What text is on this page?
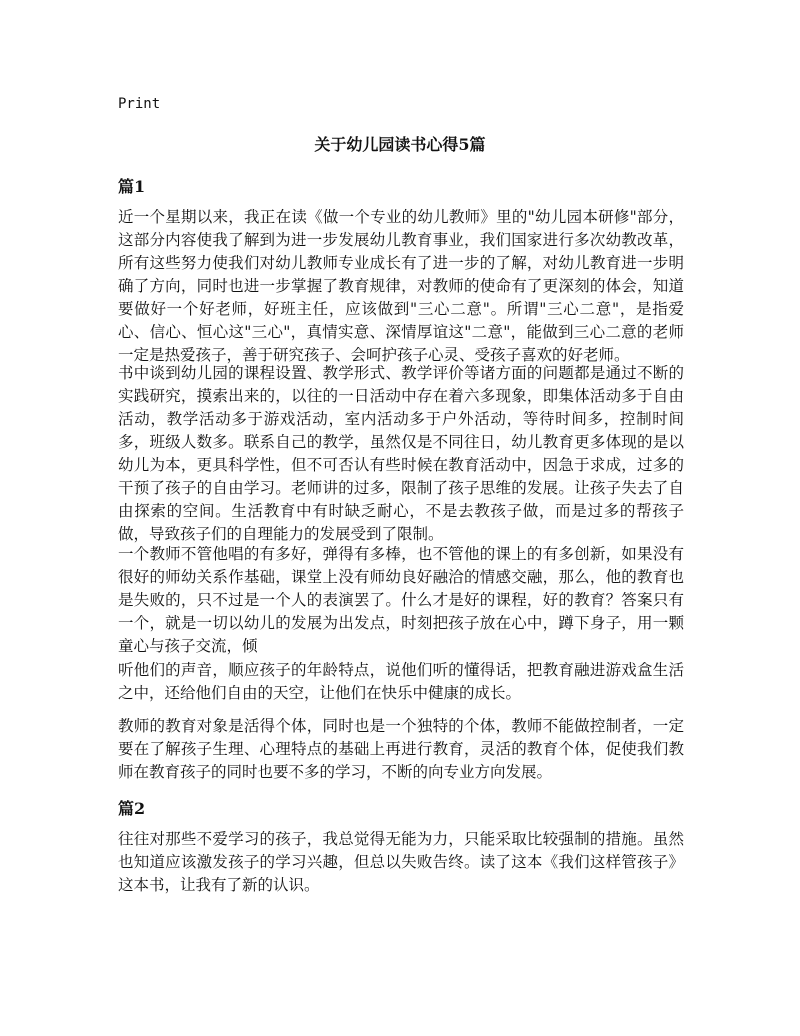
Print
关于幼儿园读书心得5篇
篇1

近一个星期以来，我正在读《做一个专业的幼儿教师》里的"幼儿园本研修"部分，这部分内容使我了解到为进一步发展幼儿教育事业，我们国家进行多次幼教改革，所有这些努力使我们对幼儿教师专业成长有了进一步的了解，对幼儿教育进一步明确了方向，同时也进一步掌握了教育规律，对教师的使命有了更深刻的体会，知道要做好一个好老师，好班主任，应该做到"三心二意"。所谓"三心二意"，是指爱心、信心、恒心这"三心"，真情实意、深情厚谊这"二意"，能做到三心二意的老师一定是热爱孩子，善于研究孩子、会呵护孩子心灵、受孩子喜欢的好老师。

书中谈到幼儿园的课程设置、教学形式、教学评价等诸方面的问题都是通过不断的实践研究，摸索出来的，以往的一日活动中存在着六多现象，即集体活动多于自由活动，教学活动多于游戏活动，室内活动多于户外活动，等待时间多，控制时间多，班级人数多。联系自己的教学，虽然仅是不同往日，幼儿教育更多体现的是以幼儿为本，更具科学性，但不可否认有些时候在教育活动中，因急于求成，过多的干预了孩子的自由学习。老师讲的过多，限制了孩子思维的发展。让孩子失去了自由探索的空间。生活教育中有时缺乏耐心，不是去教孩子做，而是过多的帮孩子做，导致孩子们的自理能力的发展受到了限制。

一个教师不管他唱的有多好，弹得有多棒，也不管他的课上的有多创新，如果没有很好的师幼关系作基础，课堂上没有师幼良好融洽的情感交融，那么，他的教育也是失败的，只不过是一个人的表演罢了。什么才是好的课程，好的教育？答案只有一个，就是一切以幼儿的发展为出发点，时刻把孩子放在心中，蹲下身子，用一颗童心与孩子交流，倾

听他们的声音，顺应孩子的年龄特点，说他们听的懂得话，把教育融进游戏盒生活之中，还给他们自由的天空，让他们在快乐中健康的成长。

教师的教育对象是活得个体，同时也是一个独特的个体，教师不能做控制者，一定要在了解孩子生理、心理特点的基础上再进行教育，灵活的教育个体，促使我们教师在教育孩子的同时也要不多的学习，不断的向专业方向发展。

篇2

往往对那些不爱学习的孩子，我总觉得无能为力，只能采取比较强制的措施。虽然也知道应该激发孩子的学习兴趣，但总以失败告终。读了这本《我们这样管孩子》这本书，让我有了新的认识。
